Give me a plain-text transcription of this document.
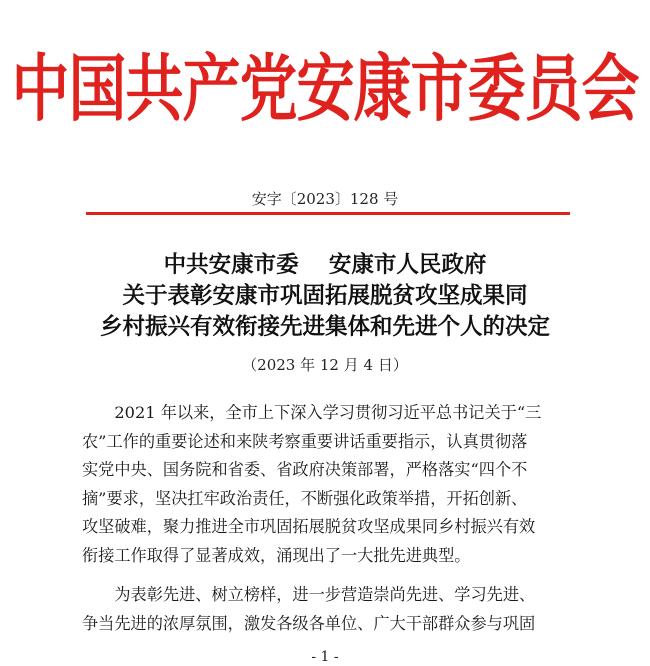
中国共产党安康市委员会
安字〔2023〕128 号
中共安康市委　 安康市人民政府
关于表彰安康市巩固拓展脱贫攻坚成果同
乡村振兴有效衔接先进集体和先进个人的决定
（2023 年 12 月 4 日）
　　2021 年以来，全市上下深入学习贯彻习近平总书记关于“三
农”工作的重要论述和来陕考察重要讲话重要指示，认真贯彻落
实党中央、国务院和省委、省政府决策部署，严格落实“四个不
摘”要求，坚决扛牢政治责任，不断强化政策举措，开拓创新、
攻坚破难，聚力推进全市巩固拓展脱贫攻坚成果同乡村振兴有效
衔接工作取得了显著成效，涌现出了一大批先进典型。
　　为表彰先进、树立榜样，进一步营造崇尚先进、学习先进、
争当先进的浓厚氛围，激发各级各单位、广大干部群众参与巩固
- 1 -
